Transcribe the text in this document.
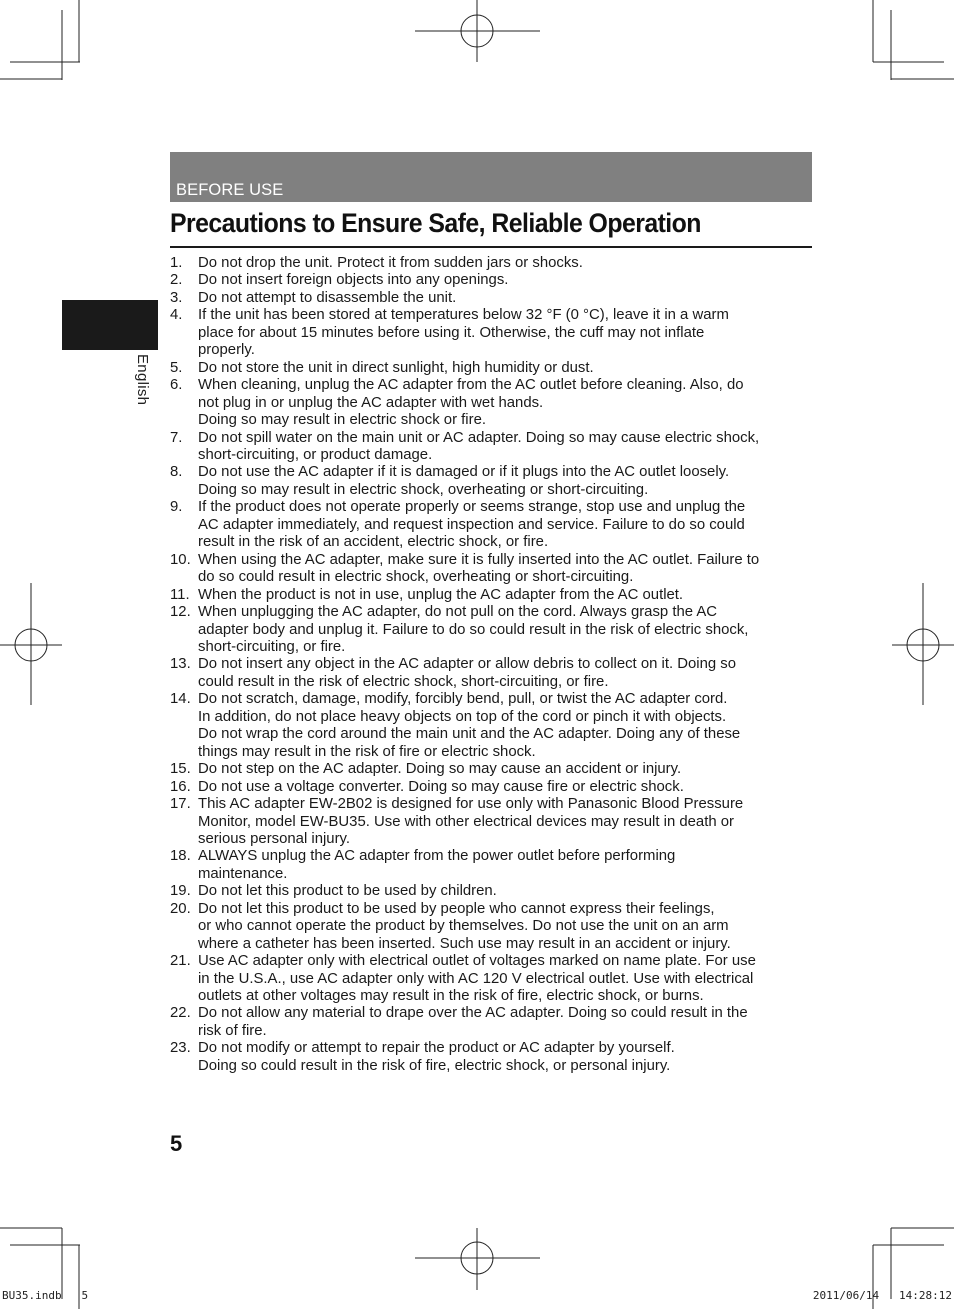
BEFORE USE
Precautions to Ensure Safe, Reliable Operation
English
1. Do not drop the unit. Protect it from sudden jars or shocks.
2. Do not insert foreign objects into any openings.
3. Do not attempt to disassemble the unit.
4. If the unit has been stored at temperatures below 32 °F (0 °C), leave it in a warm
place for about 15 minutes before using it. Otherwise, the cuff may not inflate
properly.
5. Do not store the unit in direct sunlight, high humidity or dust.
6. When cleaning, unplug the AC adapter from the AC outlet before cleaning. Also, do
not plug in or unplug the AC adapter with wet hands.
Doing so may result in electric shock or fire.
7. Do not spill water on the main unit or AC adapter. Doing so may cause electric shock,
short-circuiting, or product damage.
8. Do not use the AC adapter if it is damaged or if it plugs into the AC outlet loosely.
Doing so may result in electric shock, overheating or short-circuiting.
9. If the product does not operate properly or seems strange, stop use and unplug the
AC adapter immediately, and request inspection and service. Failure to do so could
result in the risk of an accident, electric shock, or fire.
10. When using the AC adapter, make sure it is fully inserted into the AC outlet. Failure to
do so could result in electric shock, overheating or short-circuiting.
11. When the product is not in use, unplug the AC adapter from the AC outlet.
12. When unplugging the AC adapter, do not pull on the cord. Always grasp the AC
adapter body and unplug it. Failure to do so could result in the risk of electric shock,
short-circuiting, or fire.
13. Do not insert any object in the AC adapter or allow debris to collect on it. Doing so
could result in the risk of electric shock, short-circuiting, or fire.
14. Do not scratch, damage, modify, forcibly bend, pull, or twist the AC adapter cord.
In addition, do not place heavy objects on top of the cord or pinch it with objects.
Do not wrap the cord around the main unit and the AC adapter. Doing any of these
things may result in the risk of fire or electric shock.
15. Do not step on the AC adapter. Doing so may cause an accident or injury.
16. Do not use a voltage converter. Doing so may cause fire or electric shock.
17. This AC adapter EW-2B02 is designed for use only with Panasonic Blood Pressure
Monitor, model EW-BU35. Use with other electrical devices may result in death or
serious personal injury.
18. ALWAYS unplug the AC adapter from the power outlet before performing
maintenance.
19. Do not let this product to be used by children.
20. Do not let this product to be used by people who cannot express their feelings,
or who cannot operate the product by themselves. Do not use the unit on an arm
where a catheter has been inserted. Such use may result in an accident or injury.
21. Use AC adapter only with electrical outlet of voltages marked on name plate. For use
in the U.S.A., use AC adapter only with AC 120 V electrical outlet. Use with electrical
outlets at other voltages may result in the risk of fire, electric shock, or burns.
22. Do not allow any material to drape over the AC adapter. Doing so could result in the
risk of fire.
23. Do not modify or attempt to repair the product or AC adapter by yourself.
Doing so could result in the risk of fire, electric shock, or personal injury.
5
BU35.indb   5	2011/06/14   14:28:12
